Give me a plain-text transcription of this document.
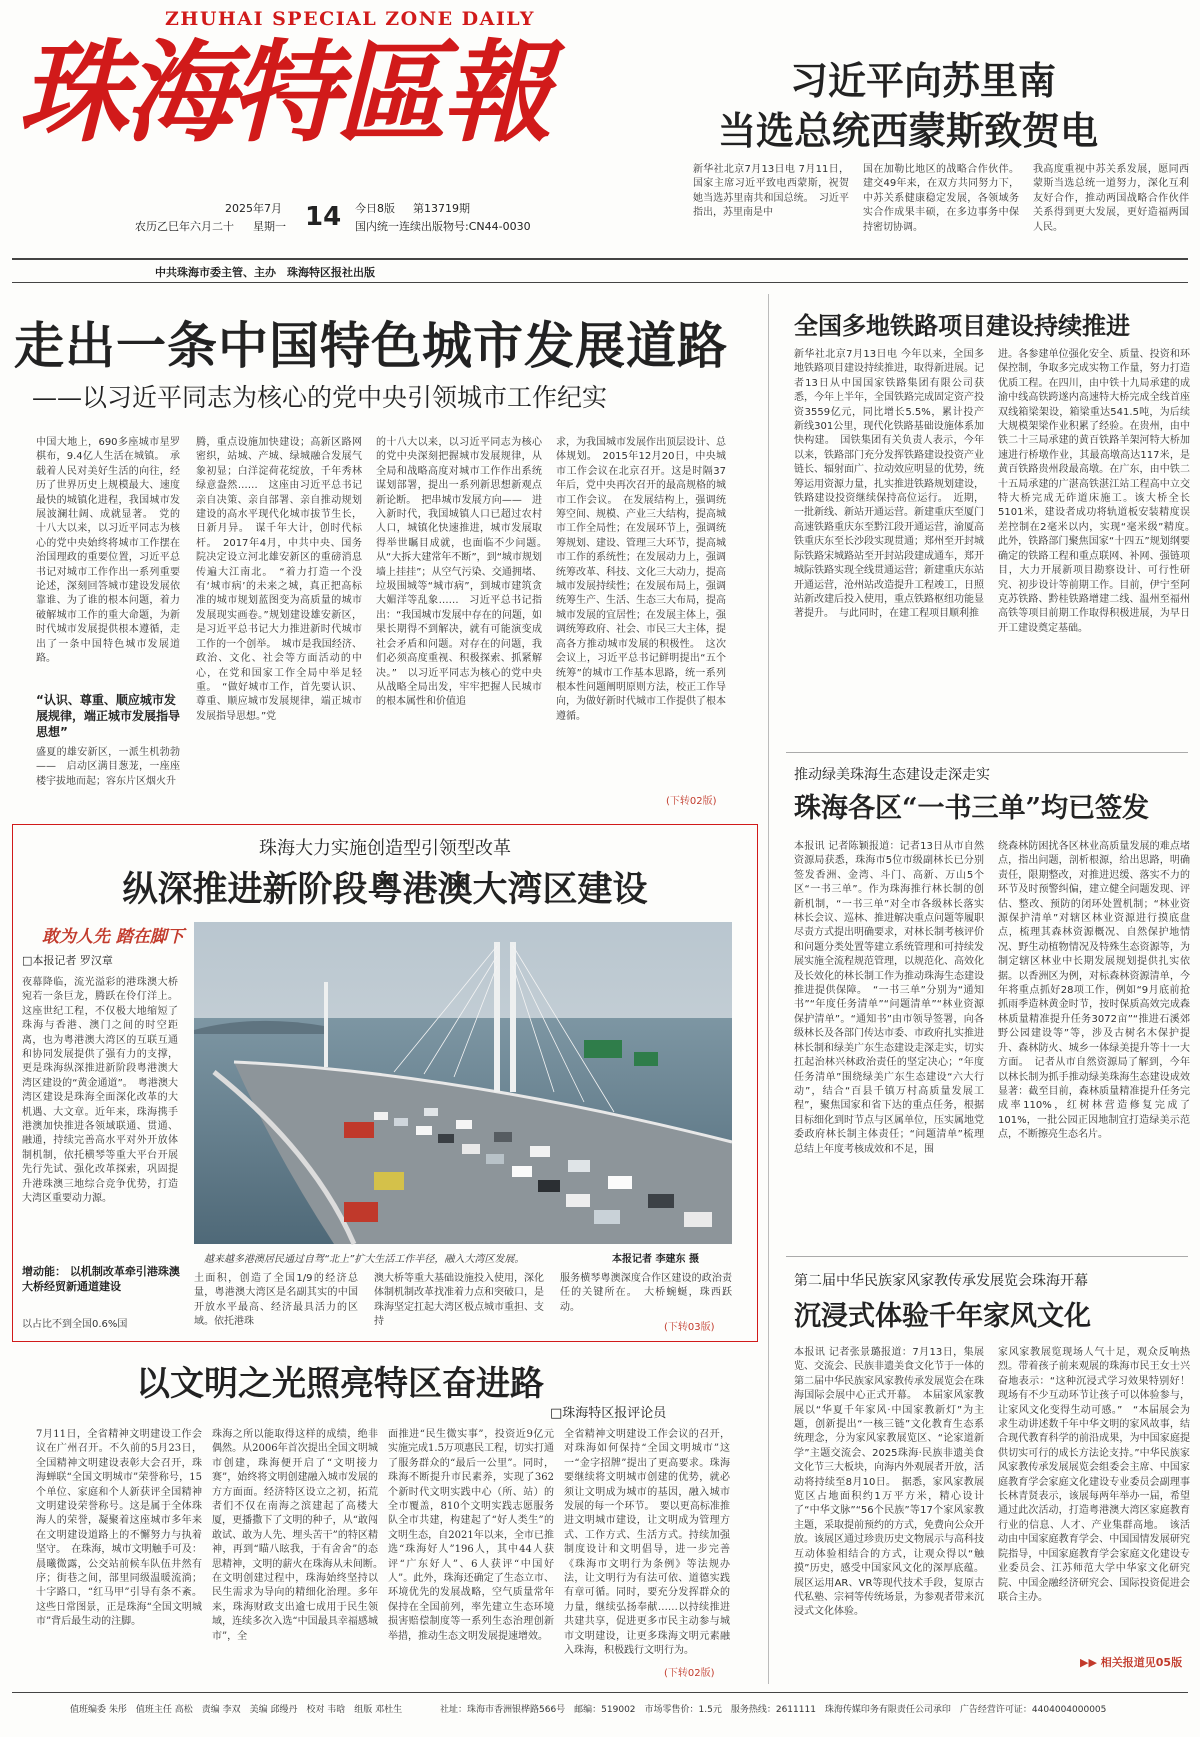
ZHUHAI SPECIAL ZONE DAILY
珠海特區報
2025年7月
农历乙巳年六月二十 星期一 14 今日8版 第13719期
国内统一连续出版物号:CN44-0030
中共珠海市委主管、主办　珠海特区报社出版
习近平向苏里南
当选总统西蒙斯致贺电
新华社北京7月13日电 7月11日，国家主席习近平致电西蒙斯，祝贺她当选苏里南共和国总统。　习近平指出，苏里南是中
国在加勒比地区的战略合作伙伴。建交49年来，在双方共同努力下，中苏关系健康稳定发展，各领域务实合作成果丰硕，在多边事务中保持密切协调。
我高度重视中苏关系发展，愿同西蒙斯当选总统一道努力，深化互利友好合作，推动两国战略合作伙伴关系得到更大发展，更好造福两国人民。
走出一条中国特色城市发展道路
——以习近平同志为核心的党中央引领城市工作纪实
中国大地上，690多座城市星罗棋布，9.4亿人生活在城镇。　承载着人民对美好生活的向往，经历了世界历史上规模最大、速度最快的城镇化进程，我国城市发展波澜壮阔、成就显著。　党的十八大以来，以习近平同志为核心的党中央始终将城市工作摆在治国理政的重要位置，习近平总书记对城市工作作出一系列重要论述，深刻回答城市建设发展依靠谁、为了谁的根本问题，着力破解城市工作的重大命题，为新时代城市发展提供根本遵循，走出了一条中国特色城市发展道路。
“认识、尊重、顺应城市发展规律，端正城市发展指导思想”
盛夏的雄安新区，一派生机勃勃——　启动区满目葱茏，一座座楼宇拔地而起；容东片区烟火升
腾，重点设施加快建设；高新区路网密织，站城、产城、绿城融合发展气象初显；白洋淀荷花绽放，千年秀林绿意盎然……　这座由习近平总书记亲自决策、亲自部署、亲自推动规划建设的高水平现代化城市拔节生长，日新月异。　谋千年大计，创时代标杆。　2017年4月，中共中央、国务院决定设立河北雄安新区的重磅消息传遍大江南北。　“着力打造一个没有‘城市病’的未来之城，真正把高标准的城市规划蓝图变为高质量的城市发展现实画卷。”规划建设雄安新区，是习近平总书记大力推进新时代城市工作的一个创举。　城市是我国经济、政治、文化、社会等方面活动的中心，在党和国家工作全局中举足轻重。　“做好城市工作，首先要认识、尊重、顺应城市发展规律，端正城市发展指导思想。”党
的十八大以来，以习近平同志为核心的党中央深刻把握城市发展规律，从全局和战略高度对城市工作作出系统谋划部署，提出一系列新思想新观点新论断。　把串城市发展方向——　进入新时代，我国城镇人口已超过农村人口，城镇化快速推进，城市发展取得举世瞩目成就，也面临不少问题。　从“大拆大建常年不断”，到“城市规划墙上挂挂”；从空气污染、交通拥堵、垃圾围城等“城市病”，到城市建筑贪大媚洋等乱象……　习近平总书记指出：“我国城市发展中存在的问题，如果长期得不到解决，就有可能演变成社会矛盾和问题。对存在的问题，我们必须高度重视、积极探索、抓紧解决。”　以习近平同志为核心的党中央从战略全局出发，牢牢把握人民城市的根本属性和价值追
求，为我国城市发展作出顶层设计、总体规划。　2015年12月20日，中央城市工作会议在北京召开。这是时隔37年后，党中央再次召开的最高规格的城市工作会议。　在发展结构上，强调统筹空间、规模、产业三大结构，提高城市工作全局性；在发展环节上，强调统筹规划、建设、管理三大环节，提高城市工作的系统性；在发展动力上，强调统筹改革、科技、文化三大动力，提高城市发展持续性；在发展布局上，强调统筹生产、生活、生态三大布局，提高城市发展的宜居性；在发展主体上，强调统筹政府、社会、市民三大主体，提高各方推动城市发展的积极性。　这次会议上，习近平总书记鲜明提出“五个统筹”的城市工作基本思路，统一系列根本性问题阐明原则方法，校正工作导向，为做好新时代城市工作提供了根本遵循。
(下转02版)
全国多地铁路项目建设持续推进
新华社北京7月13日电 今年以来，全国多地铁路项目建设持续推进，取得新进展。记者13日从中国国家铁路集团有限公司获悉，今年上半年，全国铁路完成固定资产投资3559亿元，同比增长5.5%，累计投产新线301公里，现代化铁路基础设施体系加快构建。　国铁集团有关负责人表示，今年以来，铁路部门充分发挥铁路建设投资产业链长、辐射面广、拉动效应明显的优势，统筹运用资源力量，扎实推进铁路规划建设，铁路建设投资继续保持高位运行。　近期，一批新线、新站开通运营。新建重庆至厦门高速铁路重庆东至黔江段开通运营，渝厦高铁重庆东至长沙段实现贯通；郑州至开封城际铁路宋城路站至开封站段建成通车，郑开城际铁路实现全线贯通运营；新建重庆东站开通运营，沧州站改造提升工程竣工，日照站新改建后投入使用，重点铁路枢纽功能显著提升。　与此同时，在建工程项目顺利推
进。各参建单位强化安全、质量、投资和环保控制，争取多完成实物工作量，努力打造优质工程。在四川，由中铁十九局承建的成渝中线高铁跨遂内高速特大桥完成全线首座双线箱梁架设，箱梁重达541.5吨，为后续大规模架梁作业积累了经验。在贵州，由中铁二十三局承建的黄百铁路羊架河特大桥加速进行桥墩作业，其最高墩高达117米，是黄百铁路贵州段最高墩。在广东，由中铁二十五局承建的广湛高铁湛江站工程高中立交特大桥完成无砟道床施工。该大桥全长5101米，建设者成功将轨道板安装精度误差控制在2毫米以内，实现“毫米级”精度。　此外，铁路部门聚焦国家“十四五”规划纲要确定的铁路工程和重点联网、补网、强链项目，大力开展新项目勘察设计、可行性研究、初步设计等前期工作。目前，伊宁至阿克苏铁路、黔桂铁路增建二线、温州至福州高铁等项目前期工作取得积极进展，为早日开工建设奠定基础。
推动绿美珠海生态建设走深走实
珠海各区“一书三单”均已签发
本报讯 记者陈颖报道：记者13日从市自然资源局获悉，珠海市5位市级副林长已分别签发香洲、金湾、斗门、高新、万山5个区“一书三单”。作为珠海推行林长制的创新机制，“一书三单”对全市各级林长落实林长会议、巡林、推进解决重点问题等履职尽责方式提出明确要求，对林长制考核评价和问题分类处置等建立系统管理和可持续发展实施全流程规范管理，以规范化、高效化及长效化的林长制工作为推动珠海生态建设推进提供保障。　“一书三单”分别为“通知书”“年度任务清单”“问题清单”“林业资源保护清单”。“通知书”由市领导签署，向各级林长及各部门传达市委、市政府扎实推进林长制和绿美广东生态建设走深走实，切实扛起治林兴林政治责任的坚定决心；“年度任务清单”围绕绿美广东生态建设“六大行动”，结合“百县千镇万村高质量发展工程”，聚焦国家和省下达的重点任务，根据目标细化到时节点与区属单位，压实属地党委政府林长制主体责任；“问题清单”梳理总结上年度考核成效和不足，围
绕森林防困扰各区林业高质量发展的难点堵点，指出问题，剖析根源，给出思路，明确责任，限期整改，对推进迟缓、落实不力的环节及时预警纠偏，建立健全问题发现、评估、整改、预防的闭环处置机制；“林业资源保护清单”对辖区林业资源进行摸底盘点，梳理其森林资源概况、自然保护地情况、野生动植物情况及特殊生态资源等，为制定辖区林业中长期发展规划提供扎实依据。以香洲区为例，对标森林资源清单，今年将重点抓好28项工作，例如“9月底前抢抓雨季造林黄金时节，按时保质高效完成森林质量精准提升任务3072亩”“推进石溪郊野公园建设等”等，涉及古树名木保护提升、森林防火、城乡一体绿美提升等十一大方面。　记者从市自然资源局了解到，今年以林长制为抓手推动绿美珠海生态建设成效显著：截至目前，森林质量精准提升任务完成率110%，红树林营造修复完成了101%，一批公园正因地制宜打造绿美示范点，不断擦亮生态名片。
第二届中华民族家风家教传承发展览会珠海开幕
沉浸式体验千年家风文化
本报讯 记者张景璐报道：7月13日，集展览、交流会、民族非遗美食文化节于一体的第二届中华民族家风家教传承发展览会在珠海国际会展中心正式开幕。　本届家风家教展以“华夏千年家风·中国家教新灯”为主题，创新提出“一核三链”文化教育生态系统理念，分为家风家教展览区、“论家道新学”主题交流会、2025珠海·民族非遗美食文化节三大板块，向海内外观展者开放，活动将持续至8月10日。　据悉，家风家教展览区占地面积约1万平方米，精心设计了“中华文脉”“56个民族”等17个家风家教主题，采取提前预约的方式，免费向公众开放。该展区通过珍贵历史文物展示与高科技互动体验相结合的方式，让观众得以“触摸”历史，感受中国家风文化的深厚底蕴。展区运用AR、VR等现代技术手段，复原古代私塾、宗祠等传统场景，为参观者带来沉浸式文化体验。
家风家教展览现场人气十足，观众反响热烈。带着孩子前来观展的珠海市民王女士兴奋地表示：“这种沉浸式学习效果特别好！现场有不少互动环节让孩子可以体验参与，让家风文化变得生动可感。”　“本届展会为求生动讲述数千年中华文明的家风故事，结合现代教育科学的前沿成果，为中国家庭提供切实可行的成长方法论支持。”中华民族家风家教传承发展展览会组委会主席、中国家庭教育学会家庭文化建设专业委员会副理事长林青贤表示，该展每两年举办一届，希望通过此次活动，打造粤港澳大湾区家庭教育行业的信息、人才、产业集群高地。　该活动由中国家庭教育学会、中国国情发展研究院指导，中国家庭教育学会家庭文化建设专业委员会、江苏师范大学中华家文化研究院、中国金融经济研究会、国际投资促进会联合主办。
▶▶ 相关报道见05版
珠海大力实施创造型引领型改革
纵深推进新阶段粤港澳大湾区建设
敢为人先 踏在脚下
□本报记者 罗汉章
夜幕降临，流光溢彩的港珠澳大桥宛若一条巨龙，腾跃在伶仃洋上。这座世纪工程，不仅极大地缩短了珠海与香港、澳门之间的时空距离，也为粤港澳大湾区的互联互通和协同发展提供了强有力的支撑，更是珠海纵深推进新阶段粤港澳大湾区建设的“黄金通道”。　粤港澳大湾区建设是珠海全面深化改革的大机遇、大文章。近年来，珠海携手港澳加快推进各领域联通、贯通、融通，持续完善高水平对外开放体制机制，依托横琴等重大平台开展先行先试、强化改革探索，巩固提升港珠澳三地综合竞争优势，打造大湾区重要动力源。
增动能： 以机制改革牵引港珠澳大桥经贸新通道建设
以占比不到全国0.6%国
越来越多港澳居民通过自驾“北上”扩大生活工作半径，融入大湾区发展。	本报记者 李建东 摄
土面积，创造了全国1/9的经济总量，粤港澳大湾区是名副其实的中国开放水平最高、经济最具活力的区域。依托港珠
澳大桥等重大基础设施投入使用，深化体制机制改革找准着力点和突破口，是珠海坚定扛起大湾区极点城市重担、支持
服务横琴粤澳深度合作区建设的政治责任的关键所在。　大桥蜿蜒，珠西跃动。
(下转03版)
以文明之光照亮特区奋进路
□珠海特区报评论员
7月11日，全省精神文明建设工作会议在广州召开。不久前的5月23日，全国精神文明建设表彰大会召开，珠海蝉联“全国文明城市”荣誉称号，15个单位、家庭和个人新获评全国精神文明建设荣誉称号。这是属于全体珠海人的荣誉，凝聚着这座城市多年来在文明建设道路上的不懈努力与执着坚守。　在珠海，城市文明触手可及：晨曦微露，公交站前候车队伍井然有序；街巷之间，部里同级温暖流淌；十字路口，“红马甲”引导有条不紊。这些日常图景，正是珠海“全国文明城市”背后最生动的注脚。
珠海之所以能取得这样的成绩，绝非偶然。从2006年首次提出全国文明城市创建，珠海便开启了“文明接力赛”，始终将文明创建融入城市发展的方方面面。经济特区设立之初，拓荒者们不仅在南海之滨建起了高楼大厦，更播撒下了文明的种子，从“敢闯敢试、敢为人先、埋头苦干”的特区精神，再到“瞄八眩我，于有舍舍”的态思精神，文明的薪火在珠海从未间断。　在文明创建过程中，珠海始终坚持以民生需求为导向的精细化治理。多年来，珠海财政支出逾七成用于民生领域，连续多次入选“中国最具幸福感城市”，全
面推进“民生微实事”，投资近9亿元实施完成1.5万项惠民工程，切实打通了服务群众的“最后一公里”。同时，珠海不断提升市民素养，实现了362个新时代文明实践中心（所、站）的全市覆盖，810个文明实践志愿服务队全市共建，构建起了“好人类生”的文明生态，自2021年以来，全市已推选“珠海好人”196人，其中44人获评“广东好人”、6人获评“中国好人”。此外，珠海还确定了生态立市、环境优先的发展战略，空气质量常年保持在全国前列，率先建立生态环境损害赔偿制度等一系列生态治理创新举措，推动生态文明发展提速增效。
全省精神文明建设工作会议的召开，对珠海如何保持“全国文明城市”这一“金字招牌”提出了更高要求。珠海要继续将文明城市创建的优势，就必须让文明成为城市的基因，融入城市发展的每一个环节。　要以更高标准推进文明城市建设，让文明成为管理方式、工作方式、生活方式。持续加强制度设计和文明倡导，进一步完善《珠海市文明行为条例》等法规办法，让文明行为有法可依、道德实践有章可循。同时，要充分发挥群众的力量，继续弘扬奉献……以持续推进共建共享，促进更多市民主动参与城市文明建设，让更多珠海文明元素融入珠海，积极践行文明行为。
(下转02版)
值班编委 朱彤　值班主任 高松　责编 李双　美编 邱缦丹　校对 韦晗　组版 邓杜生	社址：珠海市香洲银桦路566号　邮编：519002　市场零售价：1.5元　服务热线：2611111　珠海传媒印务有限责任公司承印　广告经营许可证：4404004000005
